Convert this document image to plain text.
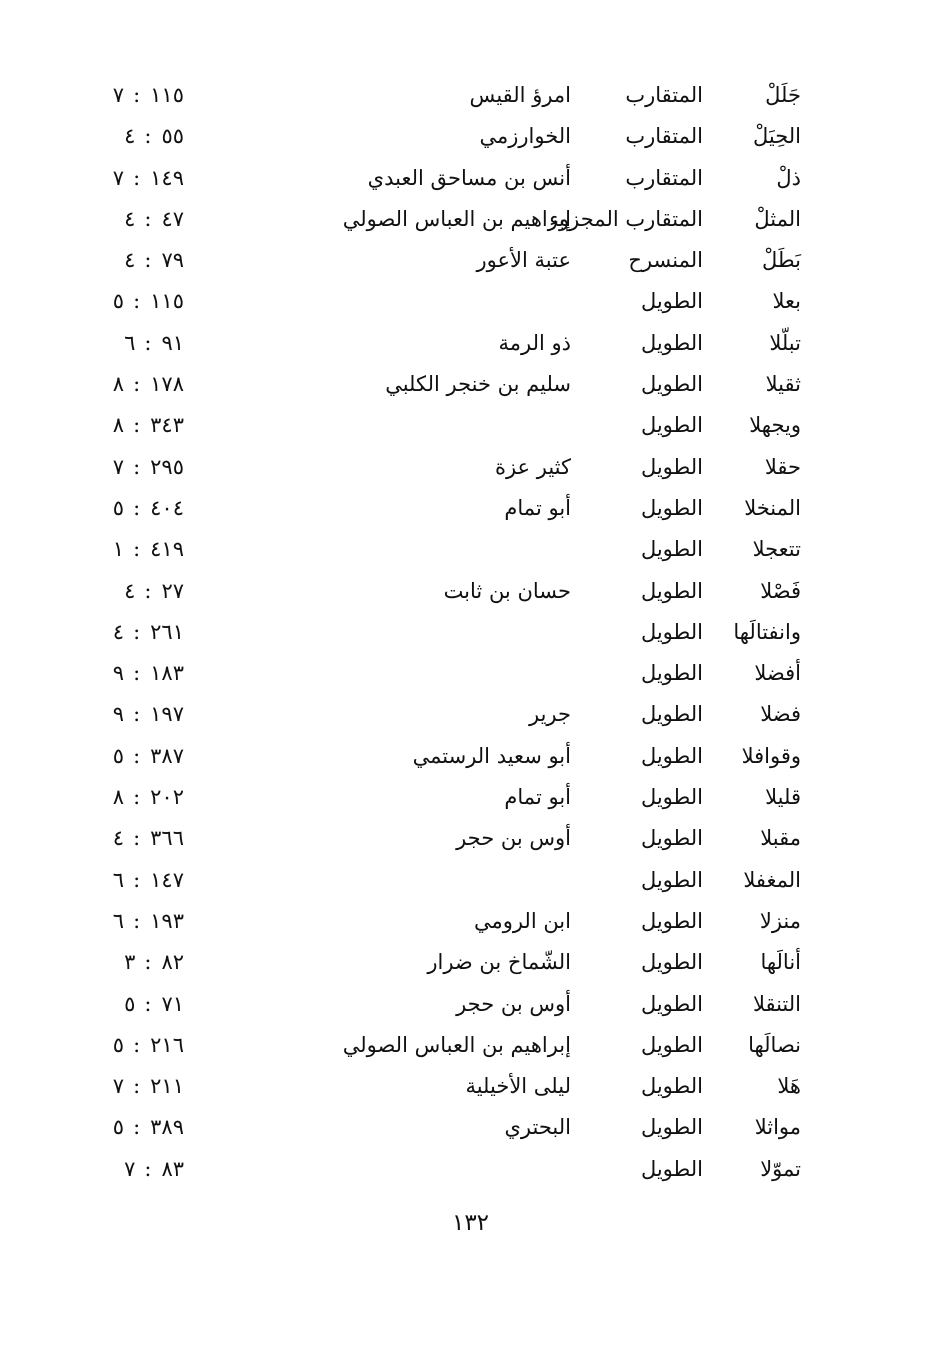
جَلَلْ
المتقارب
امرؤ القيس
١١٥:٧
الحِيَلْ
المتقارب
الخوارزمي
٥٥:٤
ذلْ
المتقارب
أنس بن مساحق العبدي
١٤٩:٧
المثلْ
المتقارب المجزوء
إبراهيم بن العباس الصولي
٤٧:٤
بَطَلْ
المنسرح
عتبة الأعور
٧٩:٤
بعلا
الطويل
١١٥:٥
تبلّلا
الطويل
ذو الرمة
٩١:٦
ثقيلا
الطويل
سليم بن خنجر الكلبي
١٧٨:٨
ويجهلا
الطويل
٣٤٣:٨
حقلا
الطويل
كثير عزة
٢٩٥:٧
المنخلا
الطويل
أبو تمام
٤٠٤:٥
تتعجلا
الطويل
٤١٩:١
فَصْلا
الطويل
حسان بن ثابت
٢٧:٤
وانفتالَها
الطويل
٢٦١:٤
أفضلا
الطويل
١٨٣:٩
فضلا
الطويل
جرير
١٩٧:٩
وقوافلا
الطويل
أبو سعيد الرستمي
٣٨٧:٥
قليلا
الطويل
أبو تمام
٢٠٢:٨
مقبلا
الطويل
أوس بن حجر
٣٦٦:٤
المغفلا
الطويل
١٤٧:٦
منزلا
الطويل
ابن الرومي
١٩٣:٦
أنالَها
الطويل
الشّماخ بن ضرار
٨٢:٣
التنقلا
الطويل
أوس بن حجر
٧١:٥
نصالَها
الطويل
إبراهيم بن العباس الصولي
٢١٦:٥
هَلا
الطويل
ليلى الأخيلية
٢١١:٧
مواثلا
الطويل
البحتري
٣٨٩:٥
تموّلا
الطويل
٨٣:٧
١٣٢
